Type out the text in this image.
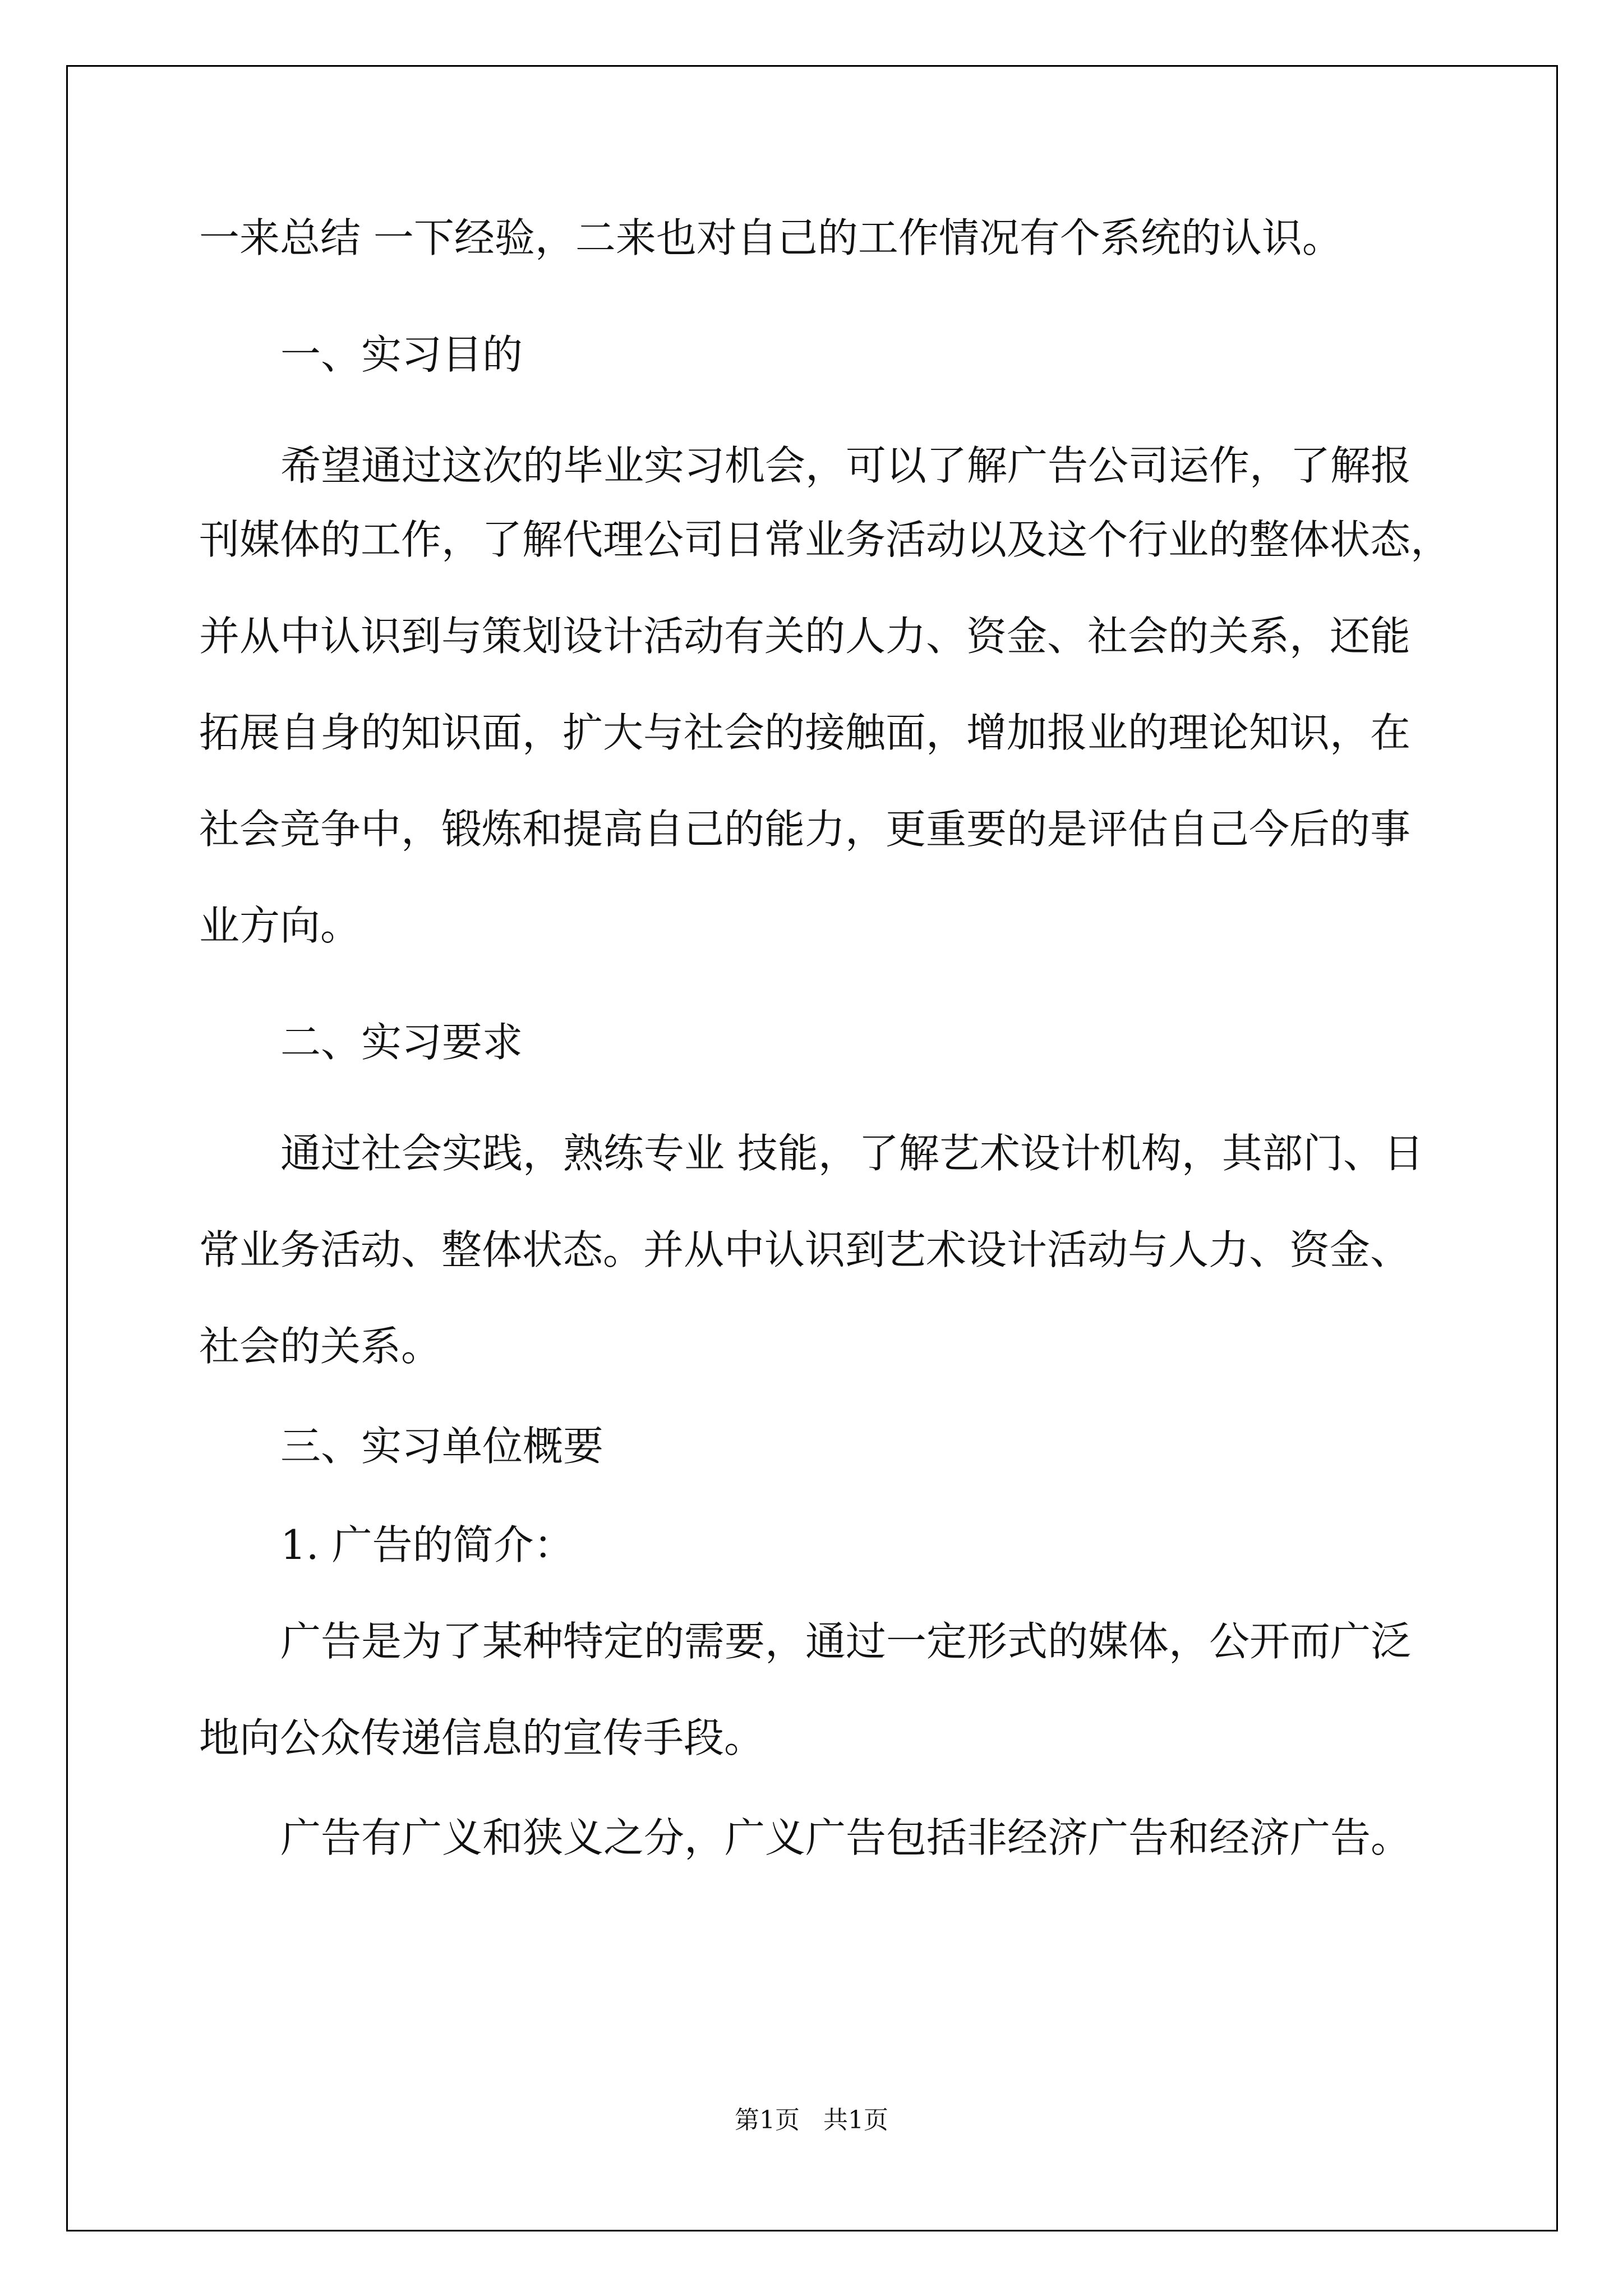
一来总结 一下经验，二来也对自己的工作情况有个系统的认识。

一、实习目的

希望通过这次的毕业实习机会，可以了解广告公司运作，了解报

刊媒体的工作，了解代理公司日常业务活动以及这个行业的整体状态，

并从中认识到与策划设计活动有关的人力、资金、社会的关系，还能

拓展自身的知识面，扩大与社会的接触面，增加报业的理论知识，在

社会竞争中，锻炼和提高自己的能力，更重要的是评估自己今后的事

业方向。

二、实习要求

通过社会实践，熟练专业 技能，了解艺术设计机构，其部门、日

常业务活动、整体状态。并从中认识到艺术设计活动与人力、资金、

社会的关系。

三、实习单位概要

1. 广告的简介：

广告是为了某种特定的需要，通过一定形式的媒体，公开而广泛

地向公众传递信息的宣传手段。

广告有广义和狭义之分，广义广告包括非经济广告和经济广告。

第1页   共1页
